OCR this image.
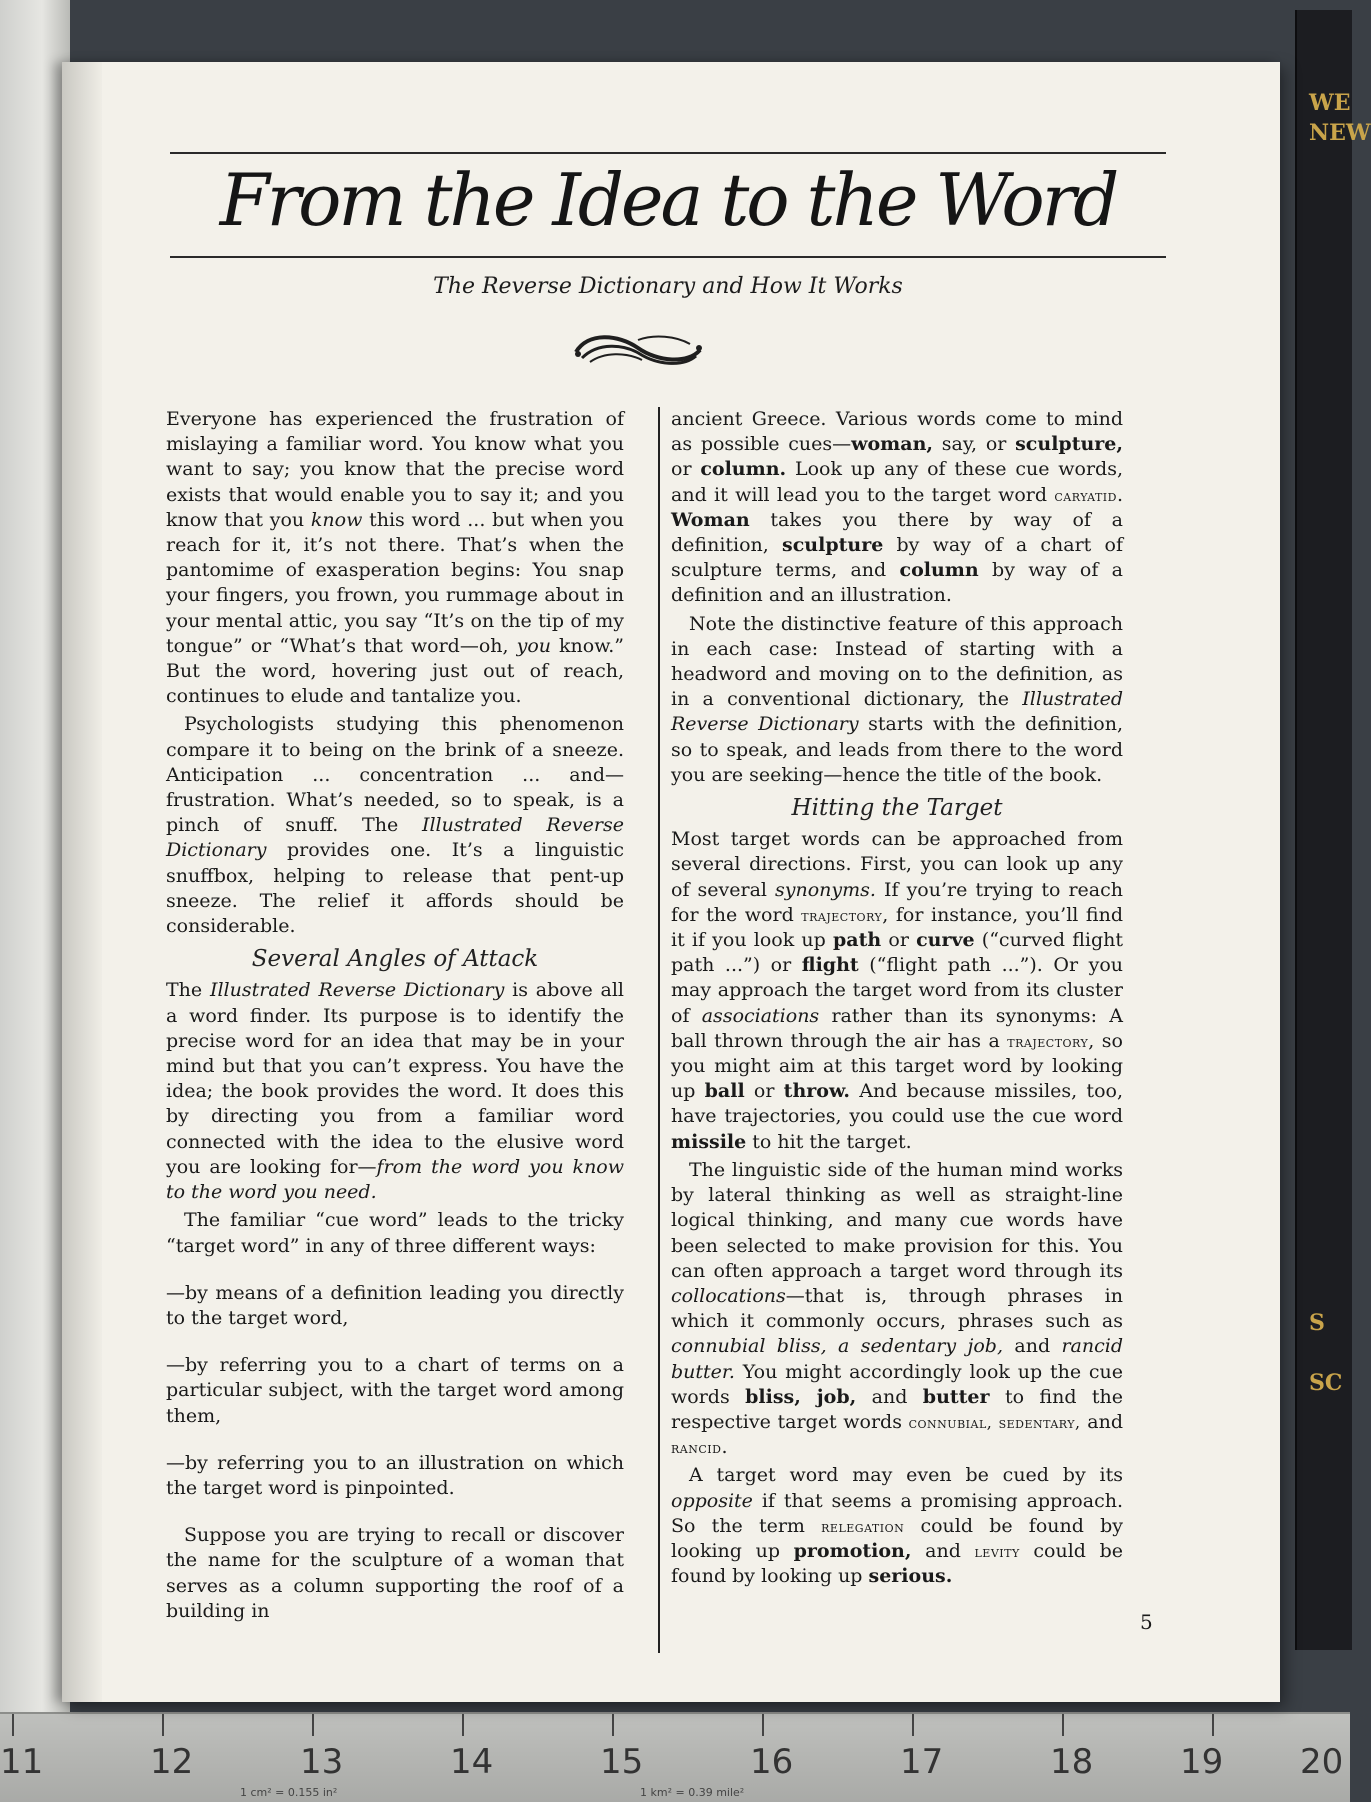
WE
NEW
S
SC
11	12	13	14	15	16	17	18	19 20
1 cm² = 0.155 in²	1 km² = 0.39 mile²
From the Idea to the Word
The Reverse Dictionary and How It Works

Everyone has experienced the frustration of mislaying a familiar word. You know what you want to say; you know that the precise word exists that would enable you to say it; and you know that you know this word ... but when you reach for it, it’s not there. That’s when the pantomime of exasperation begins: You snap your fingers, you frown, you rummage about in your mental attic, you say “It’s on the tip of my tongue” or “What’s that word—oh, you know.” But the word, hovering just out of reach, continues to elude and tantalize you.

Psychologists studying this phenomenon compare it to being on the brink of a sneeze. Anticipation ... concentration ... and—frustration. What’s needed, so to speak, is a pinch of snuff. The Illustrated Reverse Dictionary provides one. It’s a linguistic snuffbox, helping to release that pent-up sneeze. The relief it affords should be considerable.

Several Angles of Attack

The Illustrated Reverse Dictionary is above all a word finder. Its purpose is to identify the precise word for an idea that may be in your mind but that you can’t express. You have the idea; the book provides the word. It does this by directing you from a familiar word connected with the idea to the elusive word you are looking for—from the word you know to the word you need.

The familiar “cue word” leads to the tricky “target word” in any of three different ways:

—by means of a definition leading you directly to the target word,

—by referring you to a chart of terms on a particular subject, with the target word among them,

—by referring you to an illustration on which the target word is pinpointed.

Suppose you are trying to recall or discover the name for the sculpture of a woman that serves as a column supporting the roof of a building in

ancient Greece. Various words come to mind as possible cues—woman, say, or sculpture, or column. Look up any of these cue words, and it will lead you to the target word caryatid. Woman takes you there by way of a definition, sculpture by way of a chart of sculpture terms, and column by way of a definition and an illustration.

Note the distinctive feature of this approach in each case: Instead of starting with a headword and moving on to the definition, as in a conventional dictionary, the Illustrated Reverse Dictionary starts with the definition, so to speak, and leads from there to the word you are seeking—hence the title of the book.

Hitting the Target

Most target words can be approached from several directions. First, you can look up any of several synonyms. If you’re trying to reach for the word trajectory, for instance, you’ll find it if you look up path or curve (“curved flight path ...”) or flight (“flight path ...”). Or you may approach the target word from its cluster of associations rather than its synonyms: A ball thrown through the air has a trajectory, so you might aim at this target word by looking up ball or throw. And because missiles, too, have trajectories, you could use the cue word missile to hit the target.

The linguistic side of the human mind works by lateral thinking as well as straight-line logical thinking, and many cue words have been selected to make provision for this. You can often approach a target word through its collocations—that is, through phrases in which it commonly occurs, phrases such as connubial bliss, a sedentary job, and rancid butter. You might accordingly look up the cue words bliss, job, and butter to find the respective target words connubial, sedentary, and rancid.

A target word may even be cued by its opposite if that seems a promising approach. So the term relegation could be found by looking up promotion, and levity could be found by looking up serious.

5
